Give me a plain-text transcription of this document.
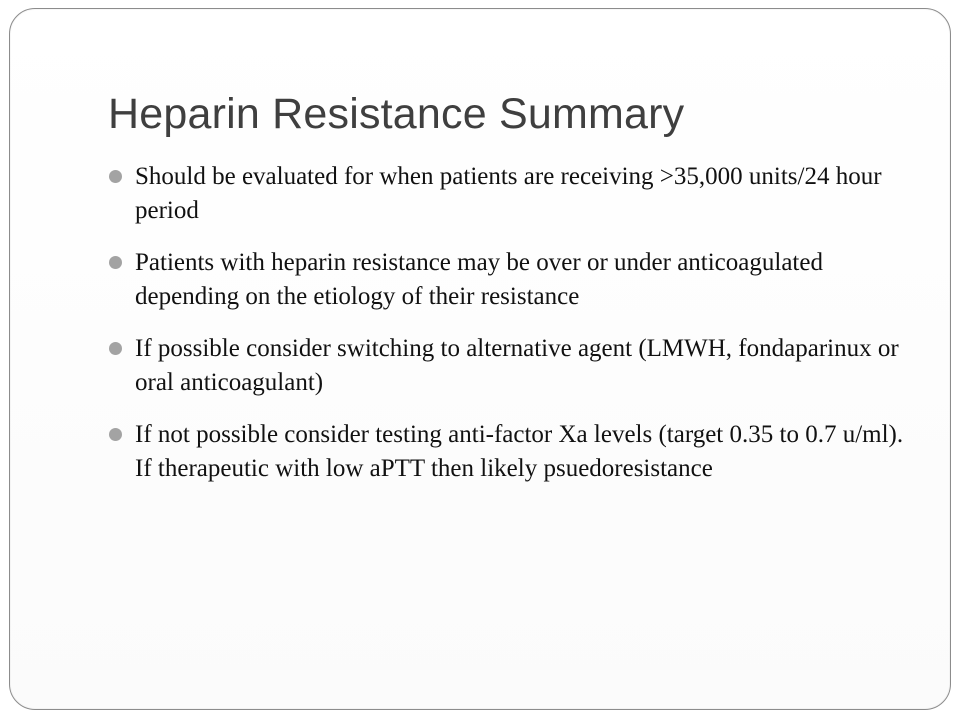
Heparin Resistance Summary
Should be evaluated for when patients are receiving >35,000 units/24 hour period
Patients with heparin resistance may be over or under anticoagulated depending on the etiology of their resistance
If possible consider switching to alternative agent (LMWH, fondaparinux or oral anticoagulant)
If not possible consider testing anti-factor Xa levels (target 0.35 to 0.7 u/ml). If therapeutic with low aPTT then likely psuedoresistance
